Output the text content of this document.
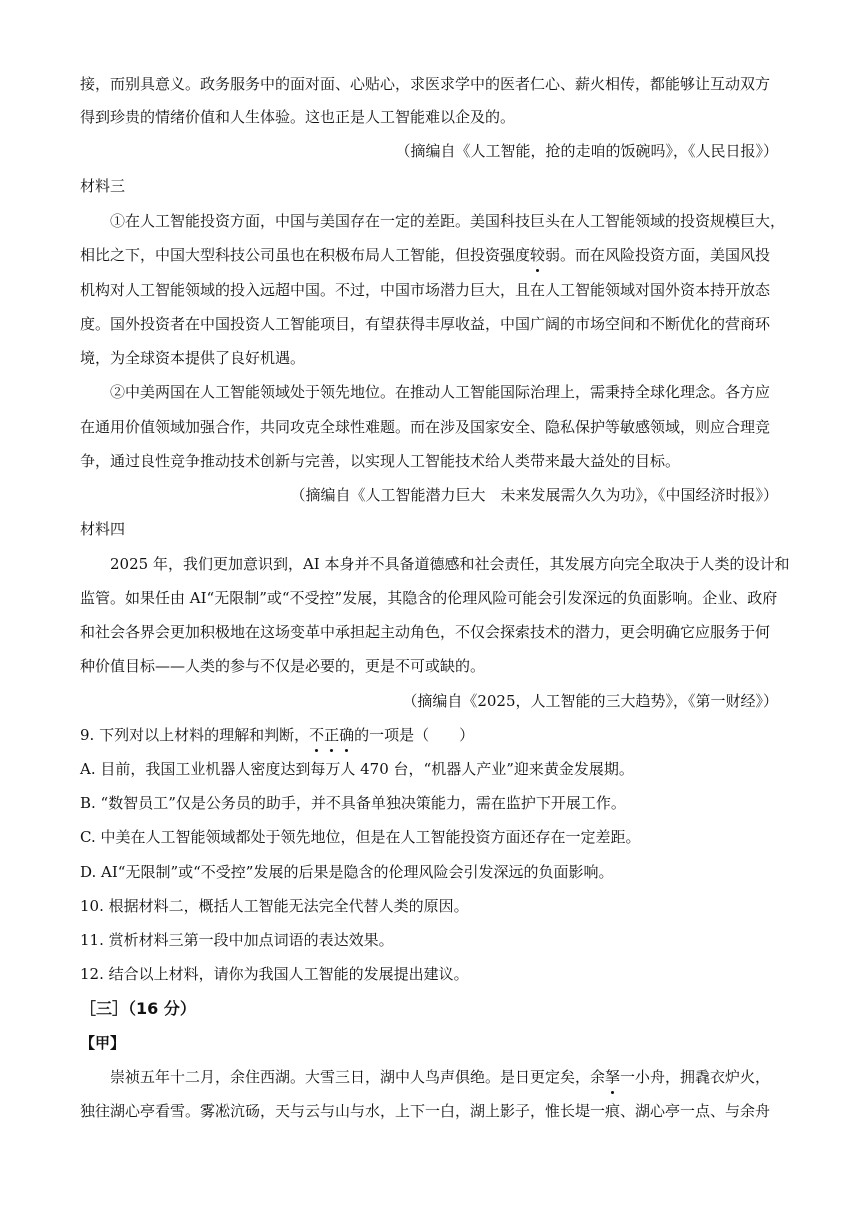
接，而别具意义。政务服务中的面对面、心贴心，求医求学中的医者仁心、薪火相传，都能够让互动双方
得到珍贵的情绪价值和人生体验。这也正是人工智能难以企及的。
（摘编自《人工智能，抢的走咱的饭碗吗》，《人民日报》）
材料三
①在人工智能投资方面，中国与美国存在一定的差距。美国科技巨头在人工智能领域的投资规模巨大，
相比之下，中国大型科技公司虽也在积极布局人工智能，但投资强度较弱。而在风险投资方面，美国风投
机构对人工智能领域的投入远超中国。不过，中国市场潜力巨大，且在人工智能领域对国外资本持开放态
度。国外投资者在中国投资人工智能项目，有望获得丰厚收益，中国广阔的市场空间和不断优化的营商环
境，为全球资本提供了良好机遇。
②中美两国在人工智能领域处于领先地位。在推动人工智能国际治理上，需秉持全球化理念。各方应
在通用价值领域加强合作，共同攻克全球性难题。而在涉及国家安全、隐私保护等敏感领域，则应合理竞
争，通过良性竞争推动技术创新与完善，以实现人工智能技术给人类带来最大益处的目标。
（摘编自《人工智能潜力巨大　未来发展需久久为功》，《中国经济时报》）
材料四
2025 年，我们更加意识到，AI 本身并不具备道德感和社会责任，其发展方向完全取决于人类的设计和
监管。如果任由 AI“无限制”或“不受控”发展，其隐含的伦理风险可能会引发深远的负面影响。企业、政府
和社会各界会更加积极地在这场变革中承担起主动角色，不仅会探索技术的潜力，更会明确它应服务于何
种价值目标——人类的参与不仅是必要的，更是不可或缺的。
（摘编自《2025，人工智能的三大趋势》，《第一财经》）
9. 下列对以上材料的理解和判断，不正确的一项是（　　）
A. 目前，我国工业机器人密度达到每万人 470 台，“机器人产业”迎来黄金发展期。
B. “数智员工”仅是公务员的助手，并不具备单独决策能力，需在监护下开展工作。
C. 中美在人工智能领域都处于领先地位，但是在人工智能投资方面还存在一定差距。
D. AI“无限制”或“不受控”发展的后果是隐含的伦理风险会引发深远的负面影响。
10. 根据材料二，概括人工智能无法完全代替人类的原因。
11. 赏析材料三第一段中加点词语的表达效果。
12. 结合以上材料，请你为我国人工智能的发展提出建议。
［三］（16 分）
【甲】
崇祯五年十二月，余住西湖。大雪三日，湖中人鸟声俱绝。是日更定矣，余拏一小舟，拥毳衣炉火，
独往湖心亭看雪。雾凇沆砀，天与云与山与水，上下一白，湖上影子，惟长堤一痕、湖心亭一点、与余舟
